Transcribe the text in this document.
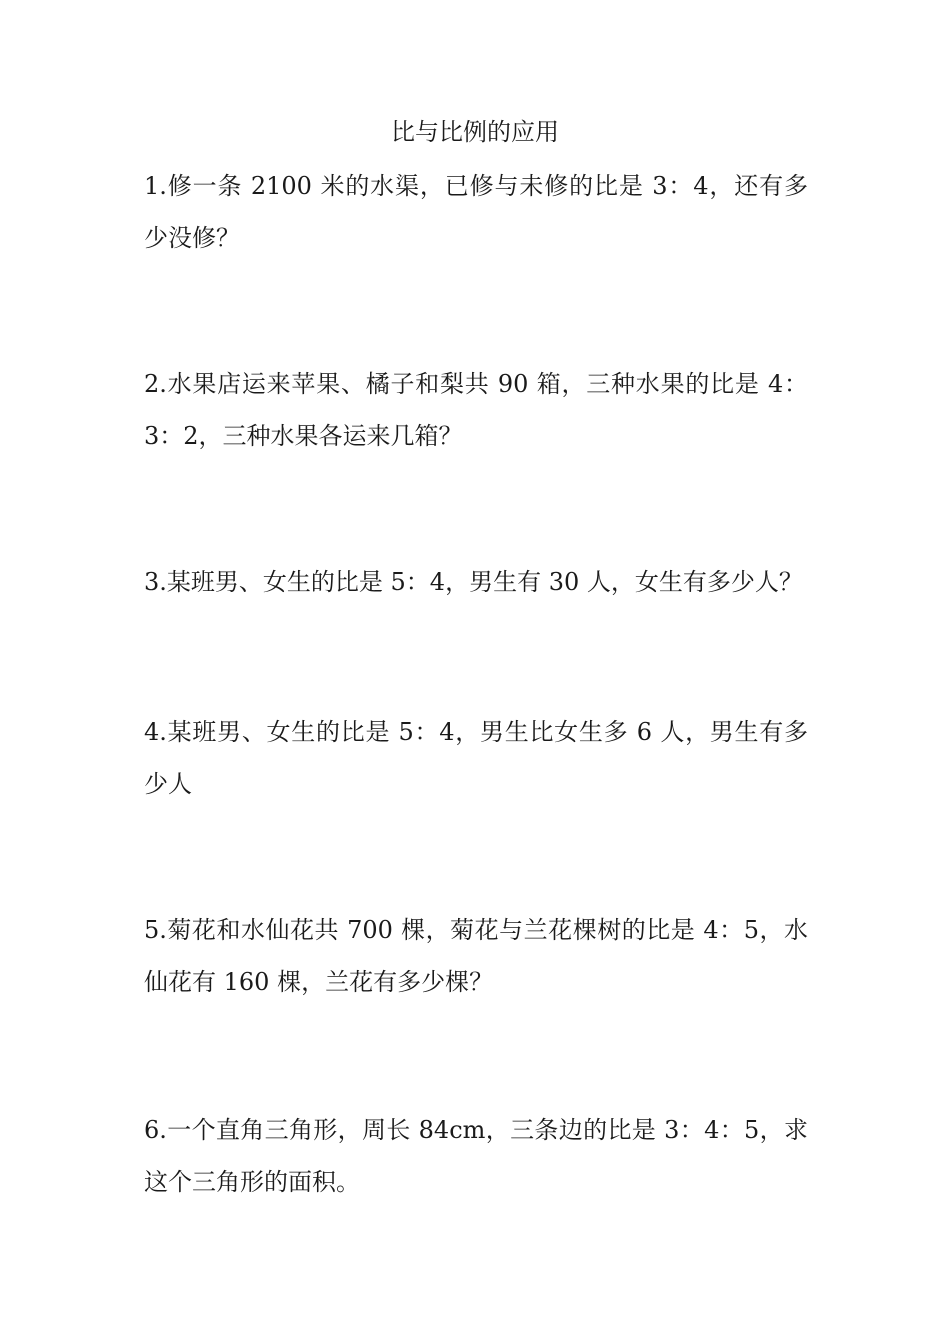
比与比例的应用

1.修一条 2100 米的水渠，已修与未修的比是 3：4，还有多少没修？

2.水果店运来苹果、橘子和梨共 90 箱，三种水果的比是 4：3：2，三种水果各运来几箱？

3.某班男、女生的比是 5：4，男生有 30 人，女生有多少人？

4.某班男、女生的比是 5：4，男生比女生多 6 人，男生有多少人

5.菊花和水仙花共 700 棵，菊花与兰花棵树的比是 4：5，水仙花有 160 棵，兰花有多少棵？

6.一个直角三角形，周长 84cm，三条边的比是 3：4：5，求这个三角形的面积。
